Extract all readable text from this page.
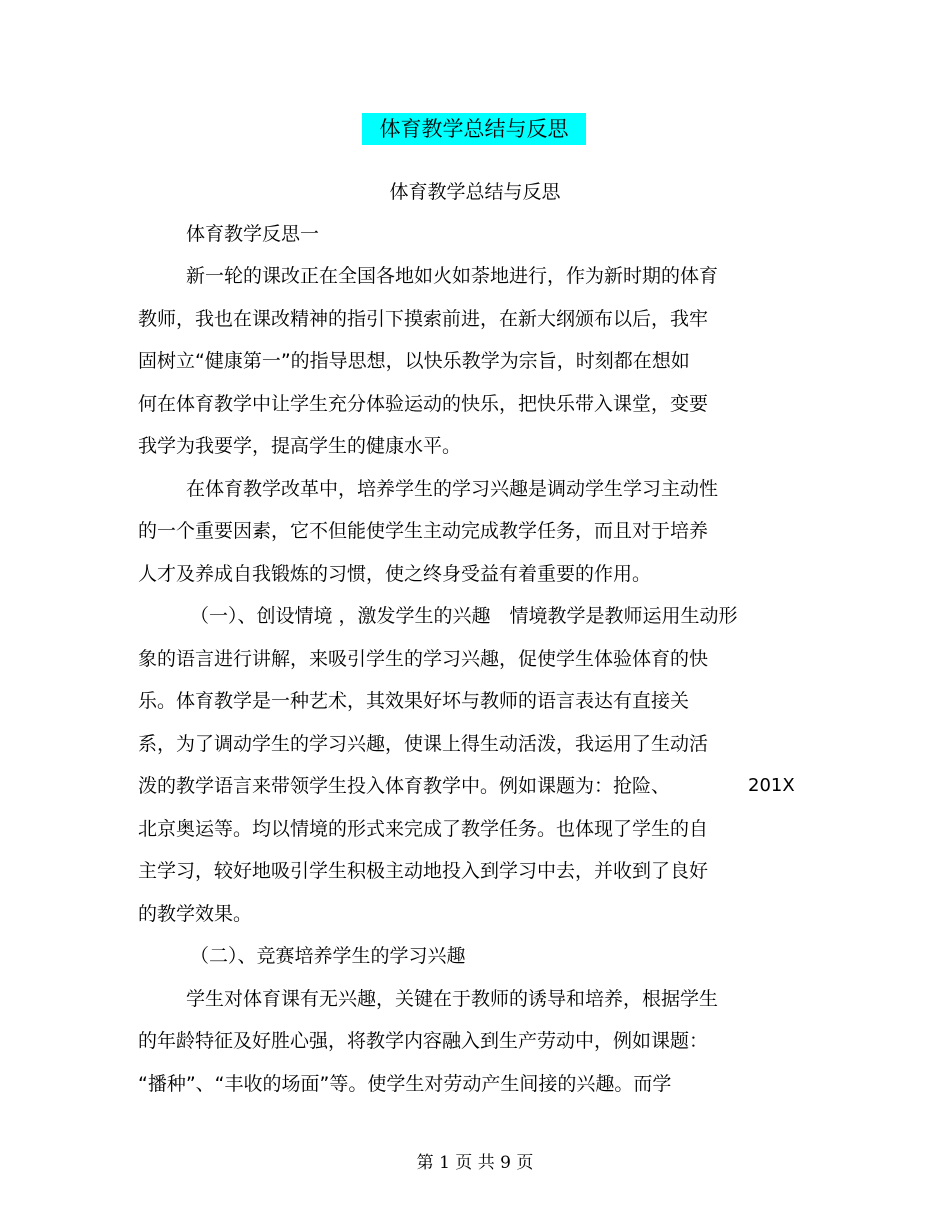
体育教学总结与反思
体育教学总结与反思
体育教学反思一
新一轮的课改正在全国各地如火如荼地进行，作为新时期的体育
教师，我也在课改精神的指引下摸索前进，在新大纲颁布以后，我牢
固树立“健康第一”的指导思想，以快乐教学为宗旨，时刻都在想如
何在体育教学中让学生充分体验运动的快乐，把快乐带入课堂，变要
我学为我要学，提高学生的健康水平。
在体育教学改革中，培养学生的学习兴趣是调动学生学习主动性
的一个重要因素，它不但能使学生主动完成教学任务，而且对于培养
人才及养成自我锻炼的习惯，使之终身受益有着重要的作用。
（一）、创设情境 ，激发学生的兴趣　情境教学是教师运用生动形
象的语言进行讲解，来吸引学生的学习兴趣，促使学生体验体育的快
乐。体育教学是一种艺术，其效果好坏与教师的语言表达有直接关
系，为了调动学生的学习兴趣，使课上得生动活泼，我运用了生动活
泼的教学语言来带领学生投入体育教学中。例如课题为：抢险、	201X
北京奥运等。均以情境的形式来完成了教学任务。也体现了学生的自
主学习，较好地吸引学生积极主动地投入到学习中去，并收到了良好
的教学效果。
（二）、竞赛培养学生的学习兴趣
学生对体育课有无兴趣，关键在于教师的诱导和培养，根据学生
的年龄特征及好胜心强，将教学内容融入到生产劳动中，例如课题：
“播种”、“丰收的场面”等。使学生对劳动产生间接的兴趣。而学
第 1 页 共 9 页
